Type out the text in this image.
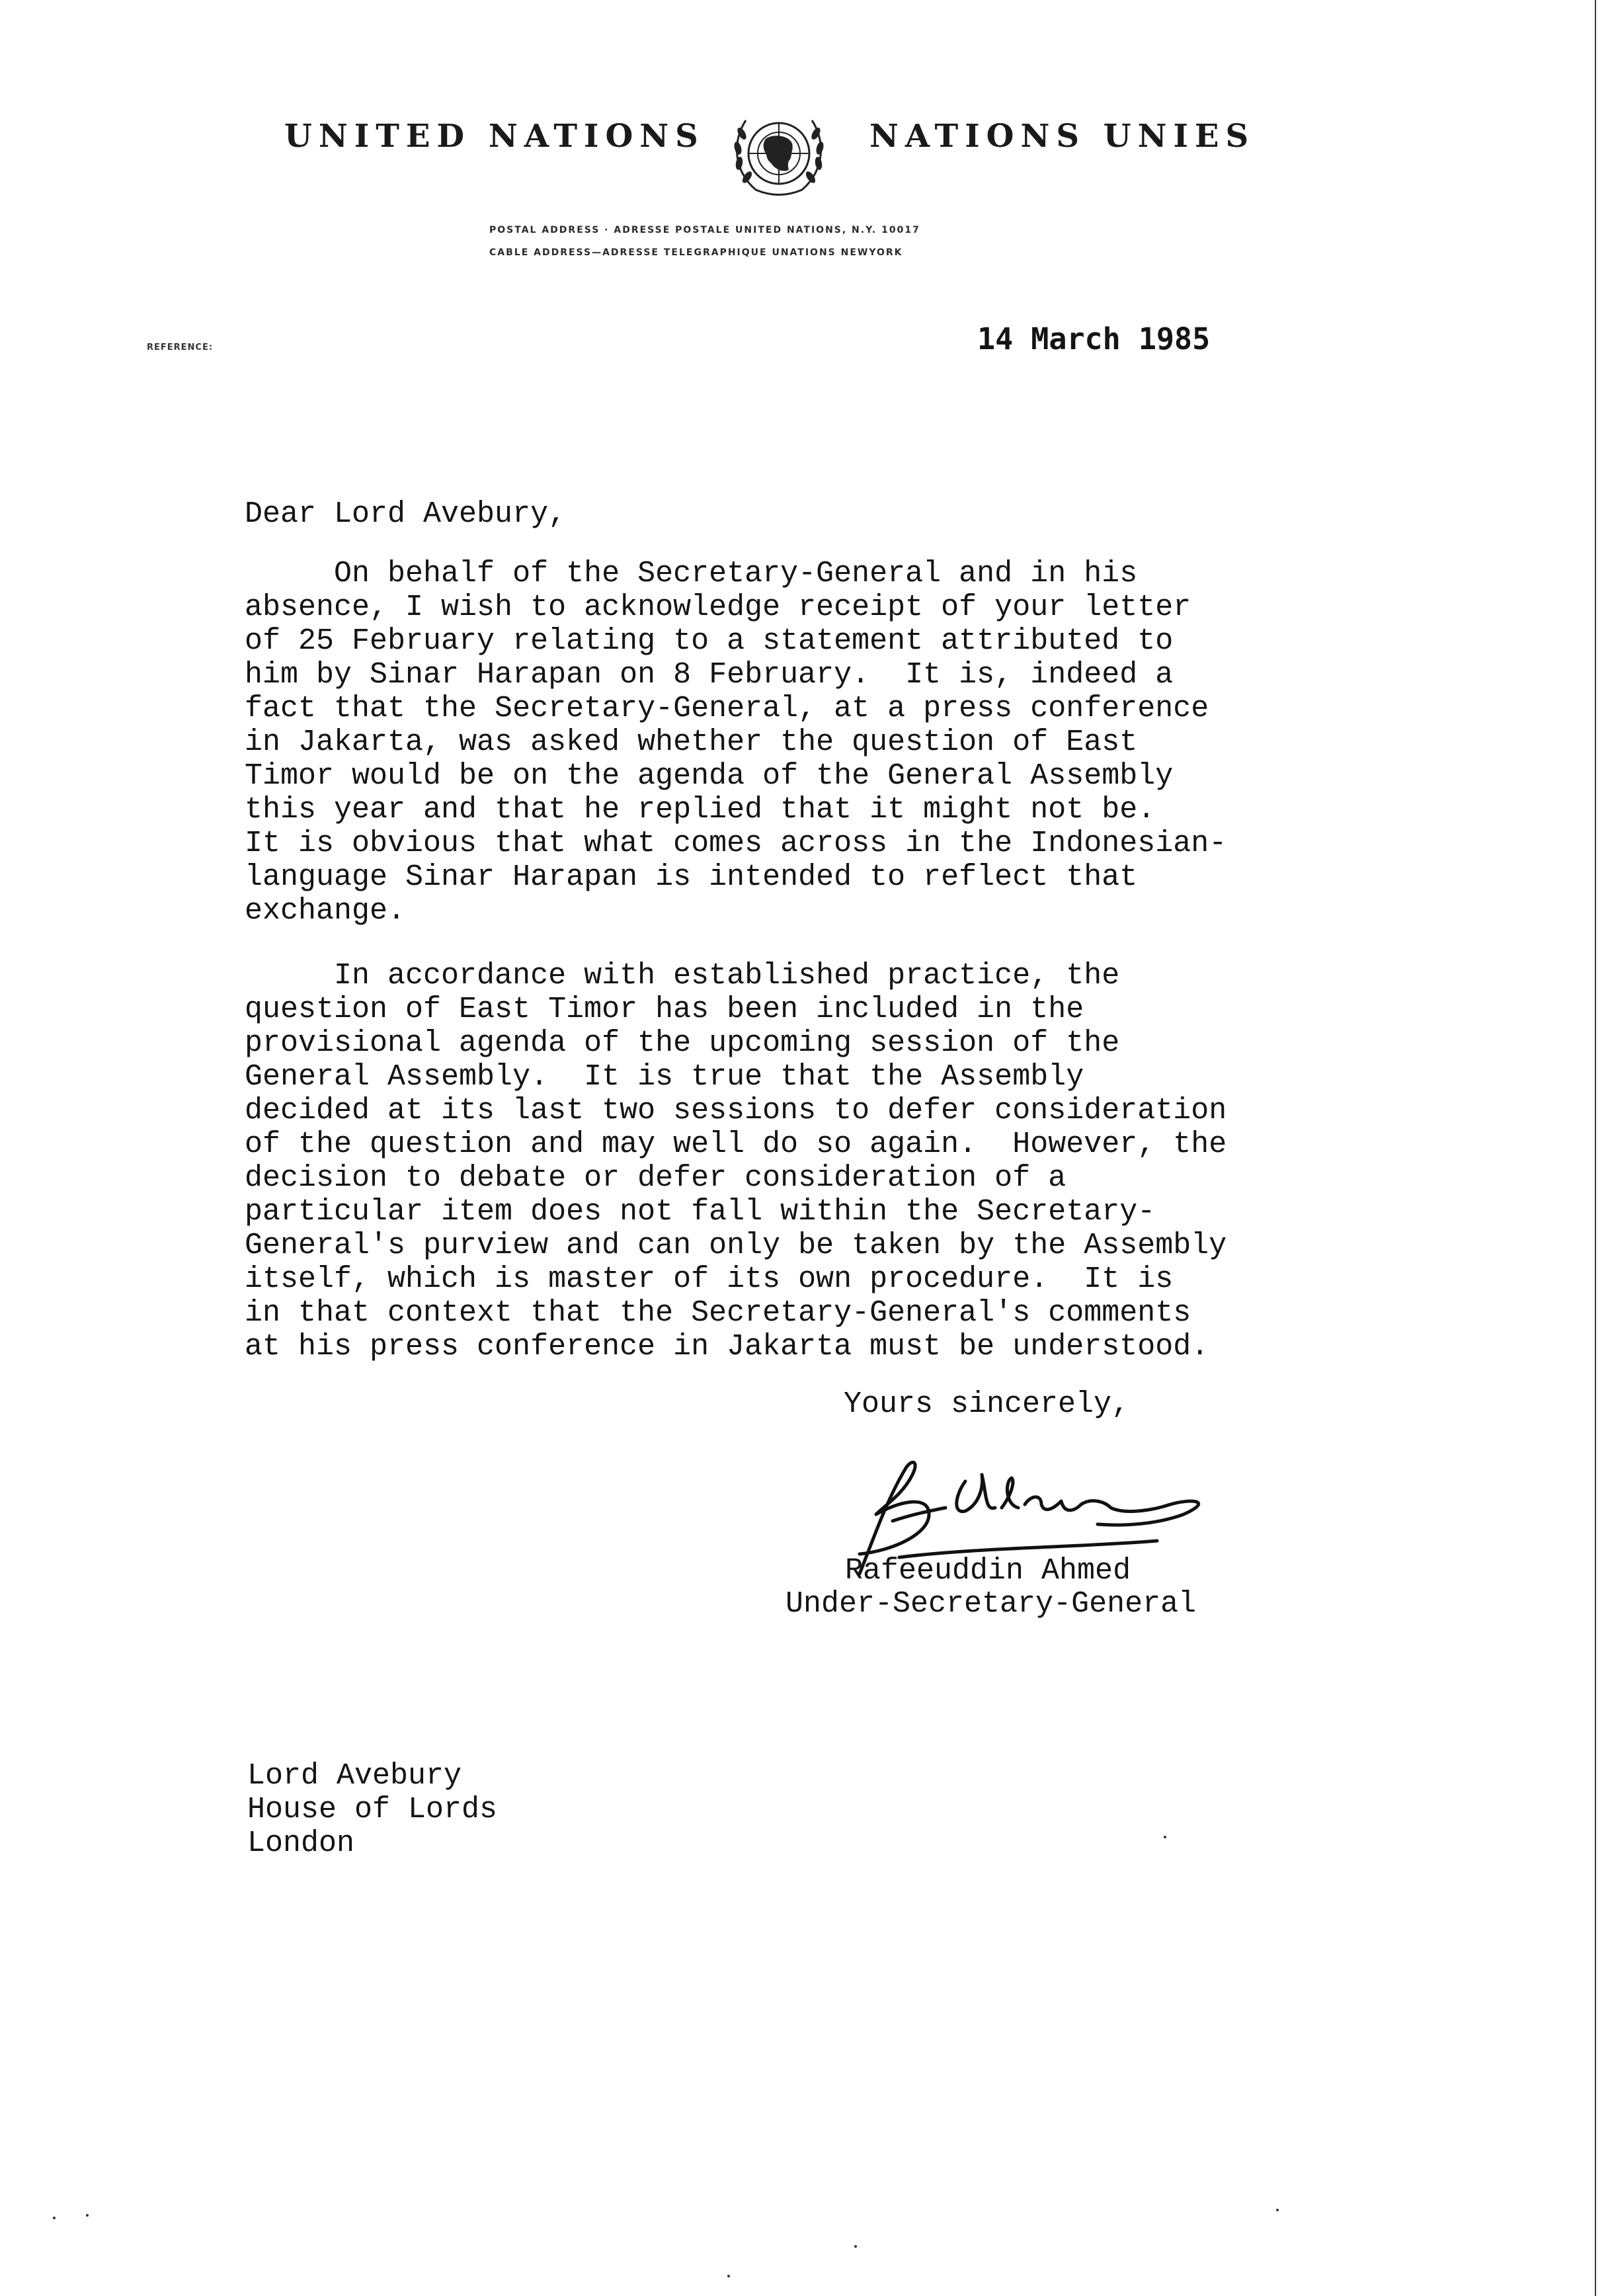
UNITED NATIONS	NATIONS UNIES
POSTAL ADDRESS · ADRESSE POSTALE UNITED NATIONS, N.Y. 10017
CABLE ADDRESS—ADRESSE TELEGRAPHIQUE UNATIONS NEWYORK
REFERENCE:	14 March 1985
Dear Lord Avebury,
On behalf of the Secretary-General and in his
absence, I wish to acknowledge receipt of your letter
of 25 February relating to a statement attributed to
him by Sinar Harapan on 8 February.  It is, indeed a
fact that the Secretary-General, at a press conference
in Jakarta, was asked whether the question of East
Timor would be on the agenda of the General Assembly
this year and that he replied that it might not be.
It is obvious that what comes across in the Indonesian-
language Sinar Harapan is intended to reflect that
exchange.
In accordance with established practice, the
question of East Timor has been included in the
provisional agenda of the upcoming session of the
General Assembly.  It is true that the Assembly
decided at its last two sessions to defer consideration
of the question and may well do so again.  However, the
decision to debate or defer consideration of a
particular item does not fall within the Secretary-
General's purview and can only be taken by the Assembly
itself, which is master of its own procedure.  It is
in that context that the Secretary-General's comments
at his press conference in Jakarta must be understood.
Yours sincerely,
Rafeeuddin Ahmed
Under-Secretary-General
Lord Avebury
House of Lords
London
